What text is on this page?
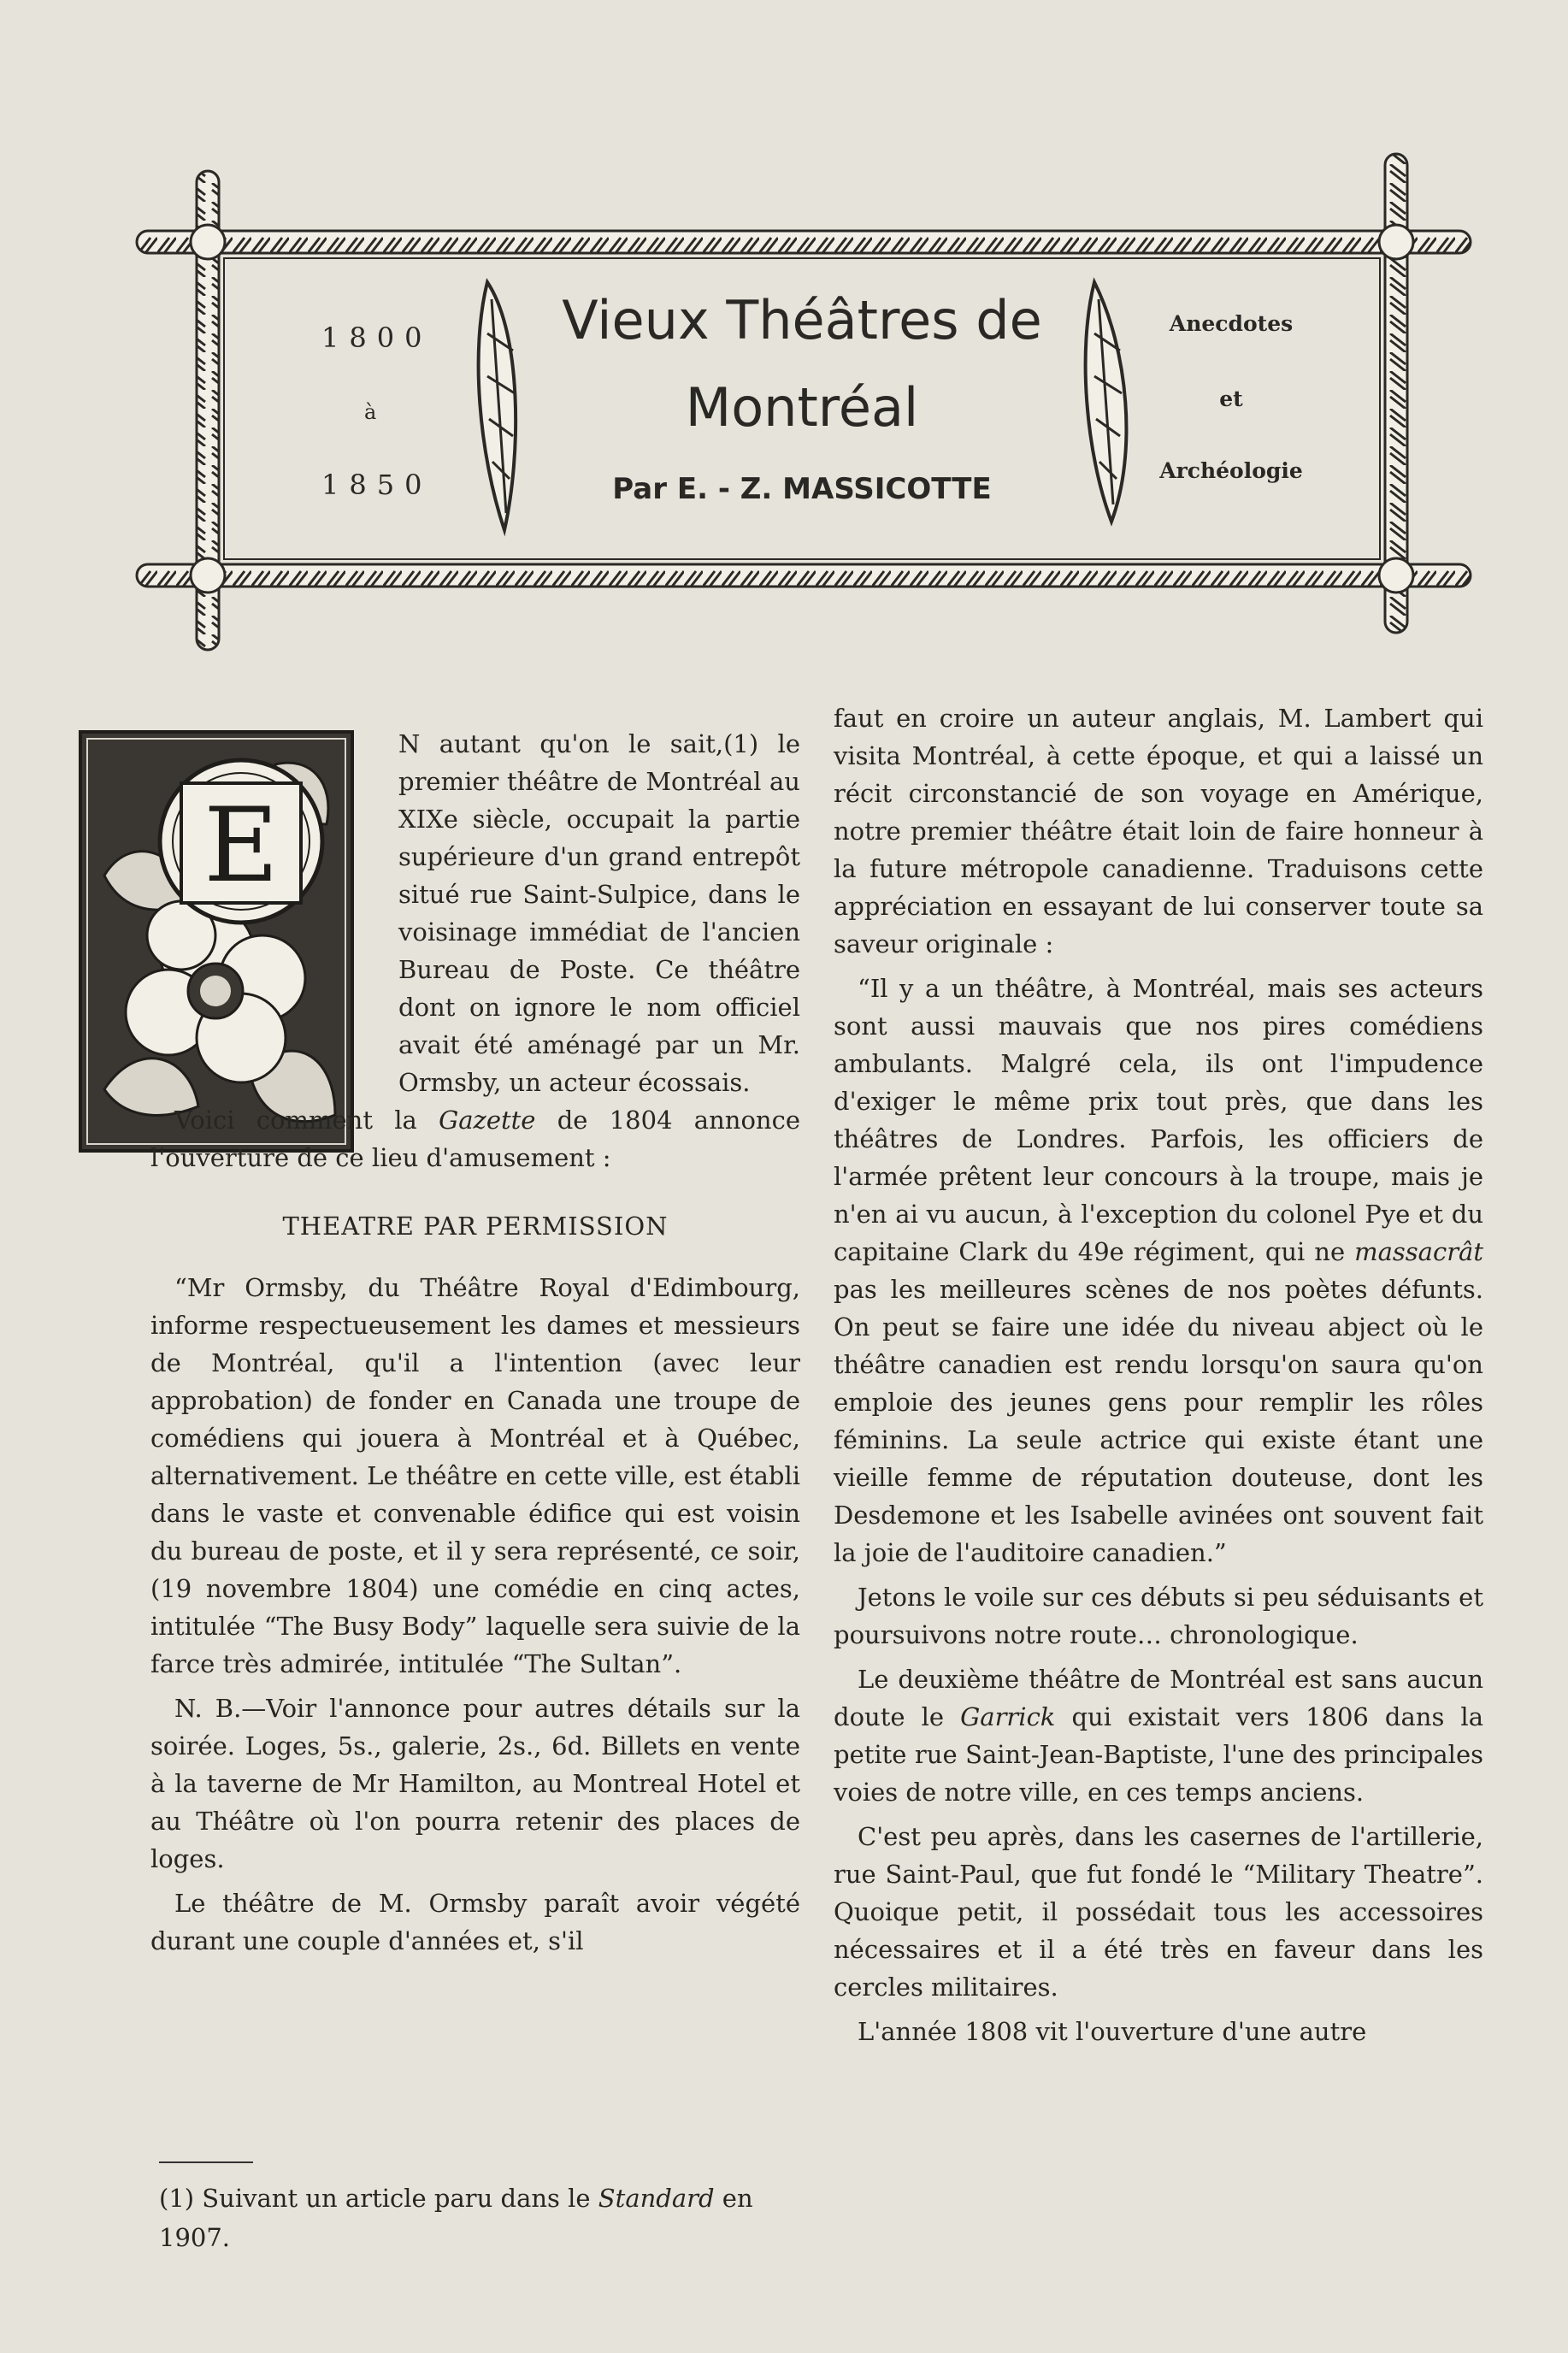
1800
à
1850
Vieux Théâtres de
Montréal
Par E. - Z. MASSICOTTE
Anecdotes
et
Archéologie
E

N autant qu'on le sait,(1) le premier théâtre de Montréal au XIXe siècle, occupait la partie supérieure d'un grand entrepôt situé rue Saint-Sulpice, dans le voisinage immédiat de l'ancien Bureau de Poste. Ce théâtre dont on ignore le nom officiel avait été aménagé par un Mr. Ormsby, un acteur écossais.

Voici comment la Gazette de 1804 annonce l'ouverture de ce lieu d'amusement :

THEATRE PAR PERMISSION

“Mr Ormsby, du Théâtre Royal d'Edimbourg, informe respectueusement les dames et messieurs de Montréal, qu'il a l'intention (avec leur approbation) de fonder en Canada une troupe de comédiens qui jouera à Montréal et à Québec, alternativement. Le théâtre en cette ville, est établi dans le vaste et convenable édifice qui est voisin du bureau de poste, et il y sera représenté, ce soir, (19 novembre 1804) une comédie en cinq actes, intitulée “The Busy Body” laquelle sera suivie de la farce très admirée, intitulée “The Sultan”.

N. B.—Voir l'annonce pour autres détails sur la soirée. Loges, 5s., galerie, 2s., 6d. Billets en vente à la taverne de Mr Hamilton, au Montreal Hotel et au Théâtre où l'on pourra retenir des places de loges.

Le théâtre de M. Ormsby paraît avoir végété durant une couple d'années et, s'il

(1) Suivant un article paru dans le Standard en 1907.

faut en croire un auteur anglais, M. Lambert qui visita Montréal, à cette époque, et qui a laissé un récit circonstancié de son voyage en Amérique, notre premier théâtre était loin de faire honneur à la future métropole canadienne. Traduisons cette appréciation en essayant de lui conserver toute sa saveur originale :

“Il y a un théâtre, à Montréal, mais ses acteurs sont aussi mauvais que nos pires comédiens ambulants. Malgré cela, ils ont l'impudence d'exiger le même prix tout près, que dans les théâtres de Londres. Parfois, les officiers de l'armée prêtent leur concours à la troupe, mais je n'en ai vu aucun, à l'exception du colonel Pye et du capitaine Clark du 49e régiment, qui ne massacrât pas les meilleures scènes de nos poètes défunts. On peut se faire une idée du niveau abject où le théâtre canadien est rendu lorsqu'on saura qu'on emploie des jeunes gens pour remplir les rôles féminins. La seule actrice qui existe étant une vieille femme de réputation douteuse, dont les Desdemone et les Isabelle avinées ont souvent fait la joie de l'auditoire canadien.”

Jetons le voile sur ces débuts si peu séduisants et poursuivons notre route… chronologique.

Le deuxième théâtre de Montréal est sans aucun doute le Garrick qui existait vers 1806 dans la petite rue Saint-Jean-Baptiste, l'une des principales voies de notre ville, en ces temps anciens.

C'est peu après, dans les casernes de l'artillerie, rue Saint-Paul, que fut fondé le “Military Theatre”. Quoique petit, il possédait tous les accessoires nécessaires et il a été très en faveur dans les cercles militaires.

L'année 1808 vit l'ouverture d'une autre
